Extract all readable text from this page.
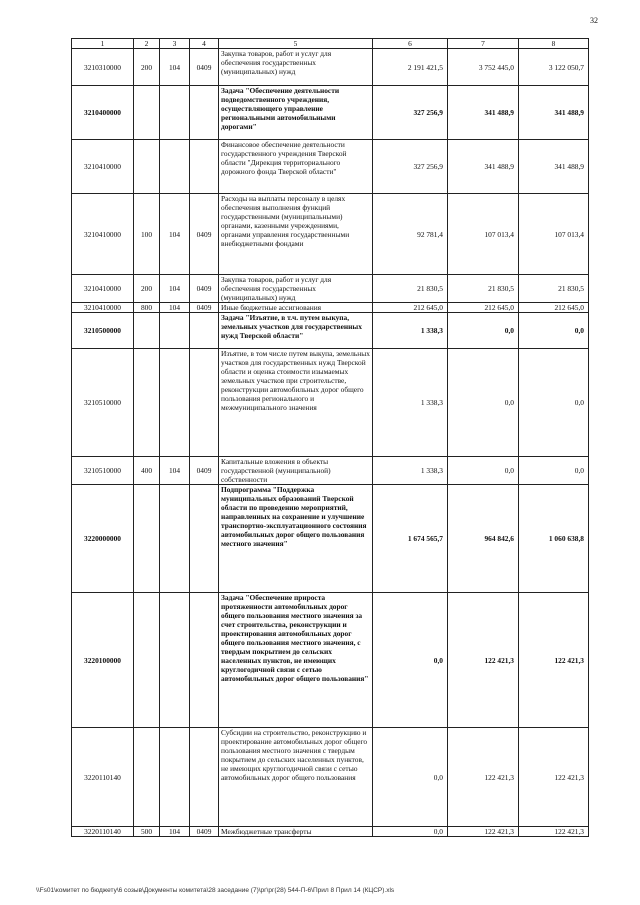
32
1	2	3	4	5	6	7	8
3210310000	200	104	0409	Закупка товаров, работ и услуг для обеспечения государственных (муниципальных) нужд	2 191 421,5	3 752 445,0	3 122 050,7
3210400000				Задача "Обеспечение деятельности подведомственного учреждения, осуществляющего управление региональными автомобильными дорогами"	327 256,9	341 488,9	341 488,9
3210410000				Финансовое обеспечение деятельности государственного учреждения Тверской области "Дирекция территориального дорожного фонда Тверской области"	327 256,9	341 488,9	341 488,9
3210410000	100	104	0409	Расходы на выплаты персоналу в целях обеспечения выполнения функций государственными (муниципальными) органами, казенными учреждениями, органами управления государственными внебюджетными фондами	92 781,4	107 013,4	107 013,4
3210410000	200	104	0409	Закупка товаров, работ и услуг для обеспечения государственных (муниципальных) нужд	21 830,5	21 830,5	21 830,5
3210410000	800	104	0409	Иные бюджетные ассигнования	212 645,0	212 645,0	212 645,0
3210500000				Задача "Изъятие, в т.ч. путем выкупа, земельных участков для государственных нужд Тверской области"	1 338,3	0,0	0,0
3210510000				Изъятие, в том числе путем выкупа, земельных участков для государственных нужд Тверской области и оценка стоимости изымаемых земельных участков при строительстве, реконструкции автомобильных дорог общего пользования регионального и межмуниципального значения	1 338,3	0,0	0,0
3210510000	400	104	0409	Капитальные вложения в объекты государственной (муниципальной) собственности	1 338,3	0,0	0,0
3220000000				Подпрограмма "Поддержка муниципальных образований Тверской области по проведению мероприятий, направленных на сохранение и улучшение транспортно-эксплуатационного состояния автомобильных дорог общего пользования местного значения"	1 674 565,7	964 842,6	1 060 638,8
3220100000				Задача "Обеспечение прироста протяженности автомобильных дорог общего пользования местного значения за счет строительства, реконструкции и проектирования автомобильных дорог общего пользования местного значения, с твердым покрытием до сельских населенных пунктов, не имеющих круглогодичной связи с сетью автомобильных дорог общего пользования"	0,0	122 421,3	122 421,3
3220110140				Субсидии на строительство, реконструкцию и проектирование автомобильных дорог общего пользования местного значения с твердым покрытием до сельских населенных пунктов, не имеющих круглогодичной связи с сетью автомобильных дорог общего пользования	0,0	122 421,3	122 421,3
3220110140	500	104	0409	Межбюджетные трансферты	0,0	122 421,3	122 421,3
\\Fs01\комитет по бюджету\6 созыв\Документы комитета\28 заседание (7)\рг\рг(28) 544-П-6\Прил 8 Прил 14 (КЦСР).xls
